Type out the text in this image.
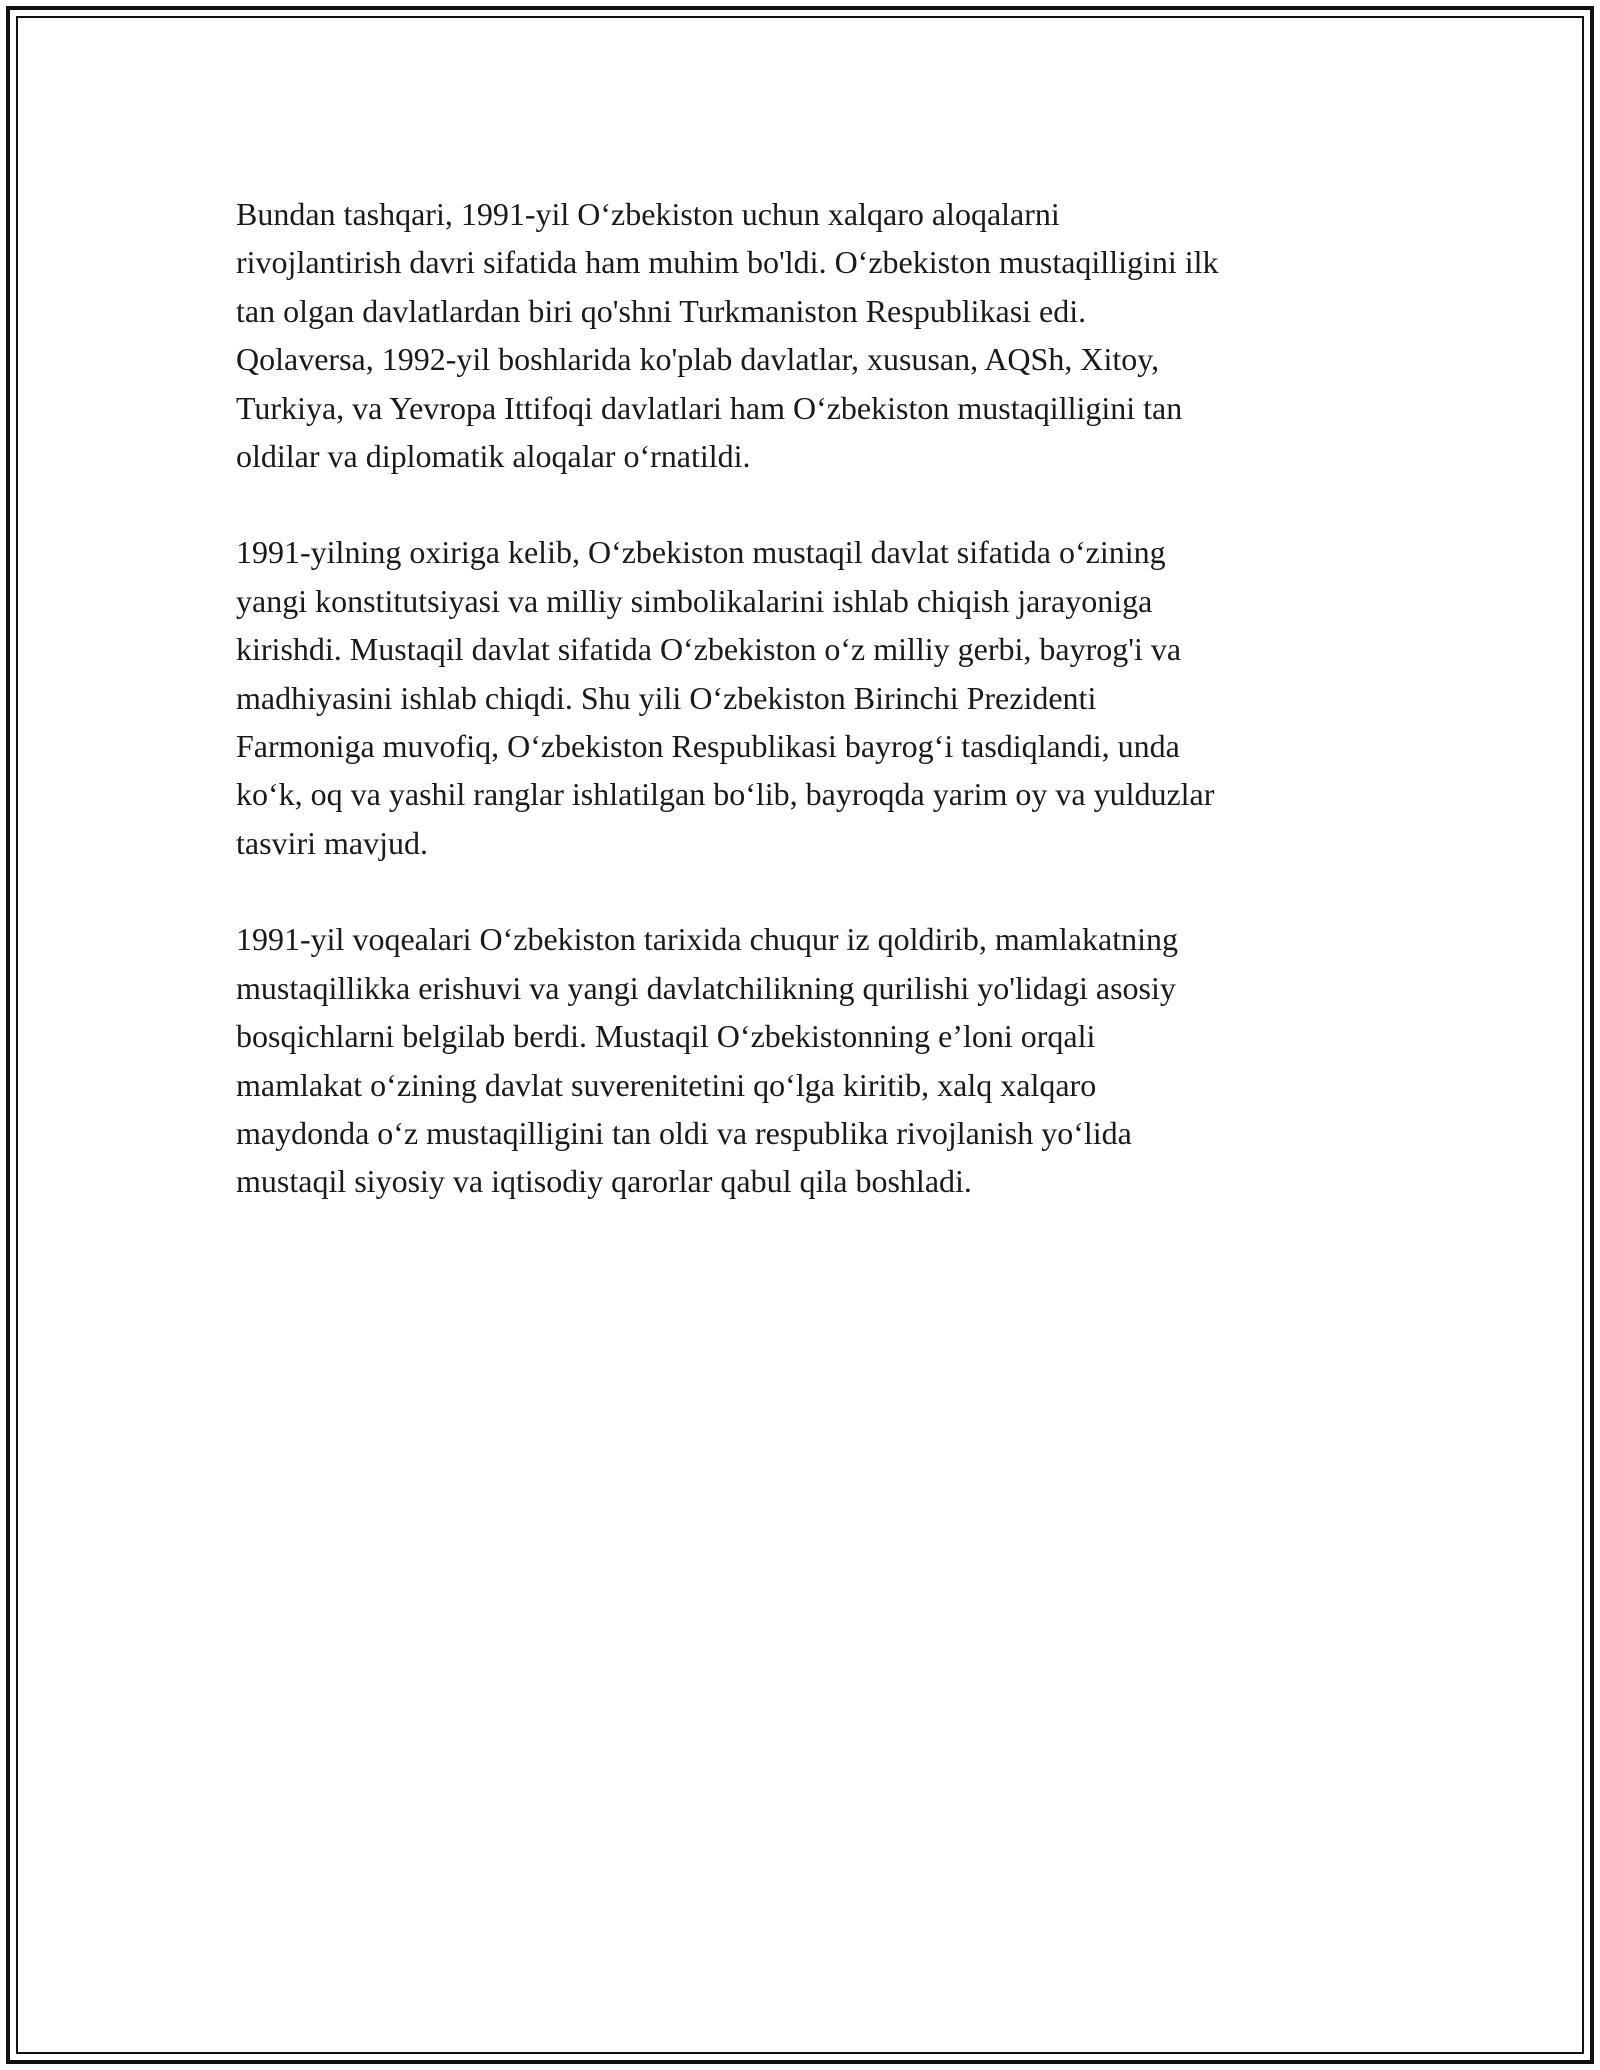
Bundan tashqari, 1991-yil O‘zbekiston uchun xalqaro aloqalarni
rivojlantirish davri sifatida ham muhim bo'ldi. O‘zbekiston mustaqilligini ilk
tan olgan davlatlardan biri qo'shni Turkmaniston Respublikasi edi.
Qolaversa, 1992-yil boshlarida ko'plab davlatlar, xususan, AQSh, Xitoy,
Turkiya, va Yevropa Ittifoqi davlatlari ham O‘zbekiston mustaqilligini tan
oldilar va diplomatik aloqalar o‘rnatildi.

1991-yilning oxiriga kelib, O‘zbekiston mustaqil davlat sifatida o‘zining
yangi konstitutsiyasi va milliy simbolikalarini ishlab chiqish jarayoniga
kirishdi. Mustaqil davlat sifatida O‘zbekiston o‘z milliy gerbi, bayrog'i va
madhiyasini ishlab chiqdi. Shu yili O‘zbekiston Birinchi Prezidenti
Farmoniga muvofiq, O‘zbekiston Respublikasi bayrog‘i tasdiqlandi, unda
ko‘k, oq va yashil ranglar ishlatilgan bo‘lib, bayroqda yarim oy va yulduzlar
tasviri mavjud.

1991-yil voqealari O‘zbekiston tarixida chuqur iz qoldirib, mamlakatning
mustaqillikka erishuvi va yangi davlatchilikning qurilishi yo'lidagi asosiy
bosqichlarni belgilab berdi. Mustaqil O‘zbekistonning e’loni orqali
mamlakat o‘zining davlat suverenitetini qo‘lga kiritib, xalq xalqaro
maydonda o‘z mustaqilligini tan oldi va respublika rivojlanish yo‘lida
mustaqil siyosiy va iqtisodiy qarorlar qabul qila boshladi.
